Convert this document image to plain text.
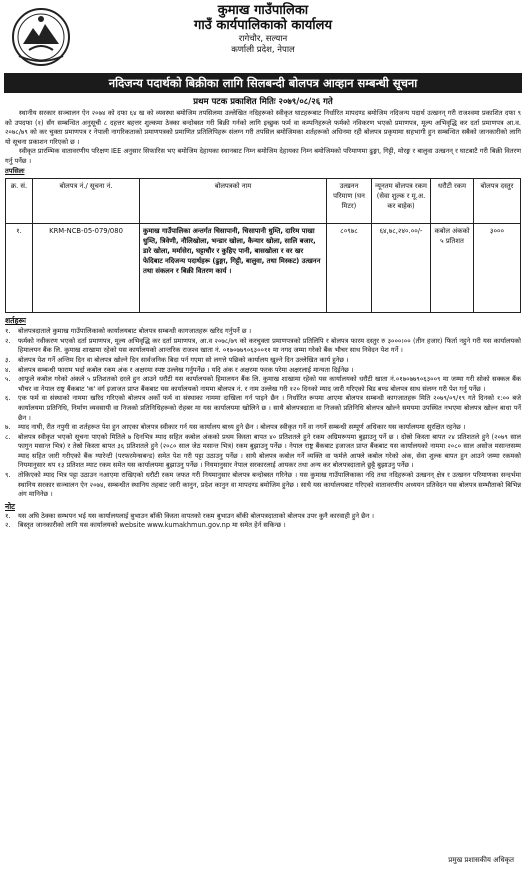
कुमाख गाउँपालिका
गाउँ कार्यपालिकाको कार्यालय
रागेचौर, सल्यान
कर्णाली प्रदेश, नेपाल
नदिजन्य पदार्थको बिक्रीका लागि सिलबन्दी बोलपत्र आव्हान सम्बन्धी सूचना
प्रथम पटक प्रकाशित मितिः २०७९/०८/२६ गते

स्थानीय सरकार सञ्चालन ऐन २०७४ को दफा ६४ ख को व्यवस्था बमोजिम तपसिलमा उल्लेखित नदिहरूको स्वीकृत घाटहरूबाट निर्धारित मापदण्ड बमोजिम नदिजन्य पदार्थ उत्खनन् गरी राजश्वमा प्रकाशित दफा ९ को उपदफा (१) सँग सम्बन्धित अनुसूची ८ दहत्तर बहत्तर शुल्कमा ठेक्का बन्दोबस्त गरी बिक्री गर्नको लागि इच्छुक फर्म वा कम्पनिहरूले फर्मको नविकरण भएको प्रमाणपत्र, मूल्य अभिवृद्धि कर दर्ता प्रमाणपत्र आ.व. २०७८/७९ को कर चुक्ता प्रमाणपत्र र नेपाली नागरिकताको प्रमाणपत्रको प्रमाणित प्रतिलिपिहरू संलग्न गरी तपसिल बमोजिमका शर्तहरूको अधिनमा रही बोलपत्र प्रकृयामा सहभागी हुन सम्बन्धित सबैको जानकारीको लागि यो सूचना प्रकाशन गरिएको छ ।

स्वीकृत प्रारम्भिक वातावरणीय परिक्षण IEE अनुसार सिफारिस भए बमोजिम देहायका स्थानबाट निम्न बमोजिम देहायका निम्न बमोजिमको परिमाणमा ढुङ्गा, गिट्टी, मोरङ्ग र बालुवा उत्खनन् र घाटबाटै गरी बिक्री वितरण गर्नु पर्नेछ ।

तपसिलः
क्र. सं.	बोलपत्र नं./ सूचना नं.	बोलपत्रको नाम	उत्खनन परिमाण (घन मिटर)	न्यूनतम बोलपत्र रकम (सेवा शुल्क र मू.अ. कर बाहेक)	धरौटी रकम	बोलपत्र दस्तुर
१.	KRM-NCB-05-079/080	कुमाख गाउँपालिका अन्तर्गत चिसापानी, चिसापानी धुम्ति, दारिम पाखा धुम्ति, त्रिवेणी, नौलिखोला, भन्डार खोला, कैन्यार खोला, सालि बजार, डारे खोला, मर्मासेरा, घट्टाचौर र कुहिए पानी, बासखोला र वर खर फेदिबाट नदिजन्य पदार्थहरू (ढुङ्गा, गिट्टी, बालुवा, तथा मिस्कट) उत्खनन तथा संकलन र बिक्री वितरण कार्य ।	८०९७८	६४,७८,२४०.००/-	कबोल अंकको ५ प्रतिशत	३०००
शर्तहरूः
१.	बोलपत्रदाताले कुमाख गाउँपालिकाको कार्यालयबाट बोलपत्र सम्बन्धी कागजातहरू खरिद गर्नुपर्ने छ ।
२.	फर्मको नवीकरण भएको दर्ता प्रमाणपत्र, मूल्य अभिवृद्धि कर दर्ता प्रमाणपत्र, आ.व २०७८/७९ को करचुक्ता प्रमाणपत्रको प्रतिलिपि र बोलपत्र फारम दस्तुर रु ३०००।०० (तीन हजार) फिर्ता नहुने गरी यस कार्यालयको हिमालयन बैंक लि. कुमाख शाखामा रहेको यस कार्यालयको आन्तरिक राजश्व खाता नं. ०१७०७७९०६३००११ मा नगद जम्मा गरेको बैंक भौचर साथ निवेदन पेश गर्ने ।
३.	बोलपत्र पेश गर्ने अन्तिम दिन वा बोलपत्र खोल्ने दिन सार्वजनिक बिदा पर्न गएमा सो लगत्ते पछिको कार्यालय खुल्ने दिन उल्लेखित कार्य हुनेछ ।
४.	बोलपत्र सम्बन्धी फाराम भर्दा कबोल रकम अंक र अक्षरमा स्पष्ट उल्लेख गर्नुपर्नेछ । यदि अंक र अक्षरमा फरक परेमा अक्षरलाई मान्यता दिईनेछ ।
५.	आफूले कबोल गरेको अंकले ५ प्रतिशतको दरले हुन आउने धरौटी यस कार्यालयको हिमालयन बैंक लि. कुमाख शाखामा रहेको यस कार्यालयको धरौटी खाता नं.०१७०७७९०६३००९ मा जम्मा गरी सोको सक्कल बैंक भौचर वा नेपाल राष्ट्र बैंकबाट 'क' वर्ग इजाजत प्राप्त बैंकबाट यस कार्यालयको नाममा बोलपत्र नं. र नाम उल्लेख गरी १२० दिनको म्याद जारी गरिएको बिड बण्ड बोलपत्र साथ संलग्न गरी पेश गर्नु पर्नेछ ।
६.	एक फर्म वा संस्थाको नाममा खरिद गरिएको बोलपत्र अर्को फर्म वा संस्थाका नाममा दाखिला गर्न पाइने छैन । निर्धारित रूपमा आएमा बोलपत्र सम्बन्धी कागजातहरू मिति २०७९/०९/१९ गते दिनको १:०० बजे कार्यालयमा प्रतिनिधि, निर्माण व्यवसायी वा निजको प्रतिनिधिहरूको रोहबर मा यस कार्यालयमा खोलिने छ । साथै बोलपत्रदाता वा निजको प्रतिनिधि बोलपत्र खोल्ने समयमा उपस्थित नभएमा बोलपत्र खोल्न बाधा पर्ने छैन ।
७.	म्याद नाघी, रीत नपुगी वा शर्तहरूत पेश हुन आएका बोलपत्र स्वीकार गर्न यस कार्यालय बाध्य हुने छैन । बोलपत्र स्वीकृत गर्ने वा नगर्ने सम्बन्धी सम्पूर्ण अधिकार यस कार्यालयमा सुरक्षित रहनेछ ।
८.	बोलपत्र स्वीकृत भएको सूचना पाएको मितिले ७ दिनभित्र म्याद सहित कबोल अंकको प्रथम किस्ता बापत ४० प्रतिशतले हुने रकम अग्रिमरूपमा बुझाउनु पर्ने छ । दोस्रो किस्ता बापत २४ प्रतिशतले हुने (२०७९ साल फागुन मसान्त भित्र) र तेस्रो किस्ता बापत ३६ प्रतिशतले हुने (२०८० साल जेठ मसान्त भित्र) रकम बुझाउनु पर्नेछ । नेपाल राष्ट्र बैंकबाट इजाजत प्राप्त बैंकबाट यस कार्यालयको नाममा २०८० साल असोज मसान्तसम्म म्याद सहित जारी गरीएको बैंक ग्यारेन्टी (परफरमेन्सबन्ड) समेत पेश गरी पट्टा उठाउनु पर्नेछ । साथै बोलपत्र कबोल गर्ने व्यक्ति वा फर्मले आफ्ले कबोल गरेको अंक, सेवा शुल्क बापत हुन आउने जम्मा रकमको नियमानुसार थप १३ प्रतिशत म्याट रकम समेत यस कार्यालयमा बुझाउनु पर्नेछ । नियमानुसार नेपाल सरकारलाई आयकर तथा अन्य कर बोलपत्रदाताले छुट्टै बुझाउनु पर्नेछ ।
९.	तोकिएको म्याद भित्र पट्टा उठाउन नआएमा राखिएको धरौटी रकम जफत गरी नियमानुसार बोलपत्र बन्दोबस्त गरिनेछ । यस कुमाख गाउँपालिकाका नदि तथा नदिहरूको उत्खनन् क्षेत्र र उत्खनन परिमाणका सन्दर्भमा स्थानिय सरकार सञ्चालन ऐन २०७४, सम्बन्धीत स्थानिय तहबाट जारी कानुन, प्रदेश कानुन वा मापदण्ड बमोजिम हुनेछ । साथै यस कार्यालयबाट गरिएको वातावरणीय अध्ययन प्रतिवेदन यस बोलपत्र सम्भौताको बिभिन्न अंग मानिनेछ ।
नोट
१.	यस अघि ठेक्का सम्भपन भई यस कार्यालयलाई बुभाउन बाँकी किस्ता वापतको रकम बुभाउन बाँकी बोलपत्रदाताको बोलपत्र उपर कुनै कारवाही हुने छैन ।
२.	बिस्तृत जानकारीको लागि यस कार्यालयको website www.kumakhmun.gov.np मा समेत हेर्न सकिन्छ ।
प्रमुख प्रशासकीय अधिकृत
